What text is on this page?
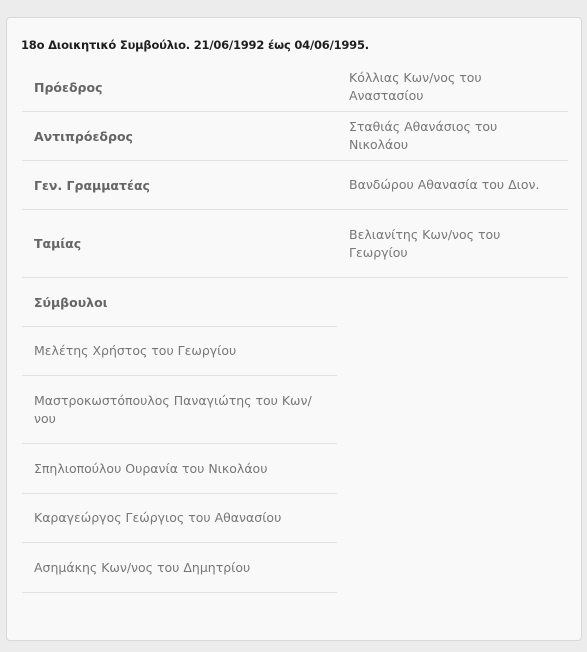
18ο Διοικητικό Συμβούλιο. 21/06/1992 έως 04/06/1995.
Πρόεδρος
Κόλλιας Κων/νος του Αναστασίου
Αντιπρόεδρος
Σταθιάς Αθανάσιος του Νικολάου
Γεν. Γραμματέας	Βανδώρου Αθανασία του Διον.
Ταμίας
Βελιανίτης Κων/νος του Γεωργίου
Σύμβουλοι
Μελέτης Χρήστος του Γεωργίου
Μαστροκωστόπουλος Παναγιώτης του Κων/νου
Σπηλιοπούλου Ουρανία του Νικολάου
Καραγεώργος Γεώργιος του Αθανασίου
Ασημάκης Κων/νος του Δημητρίου
